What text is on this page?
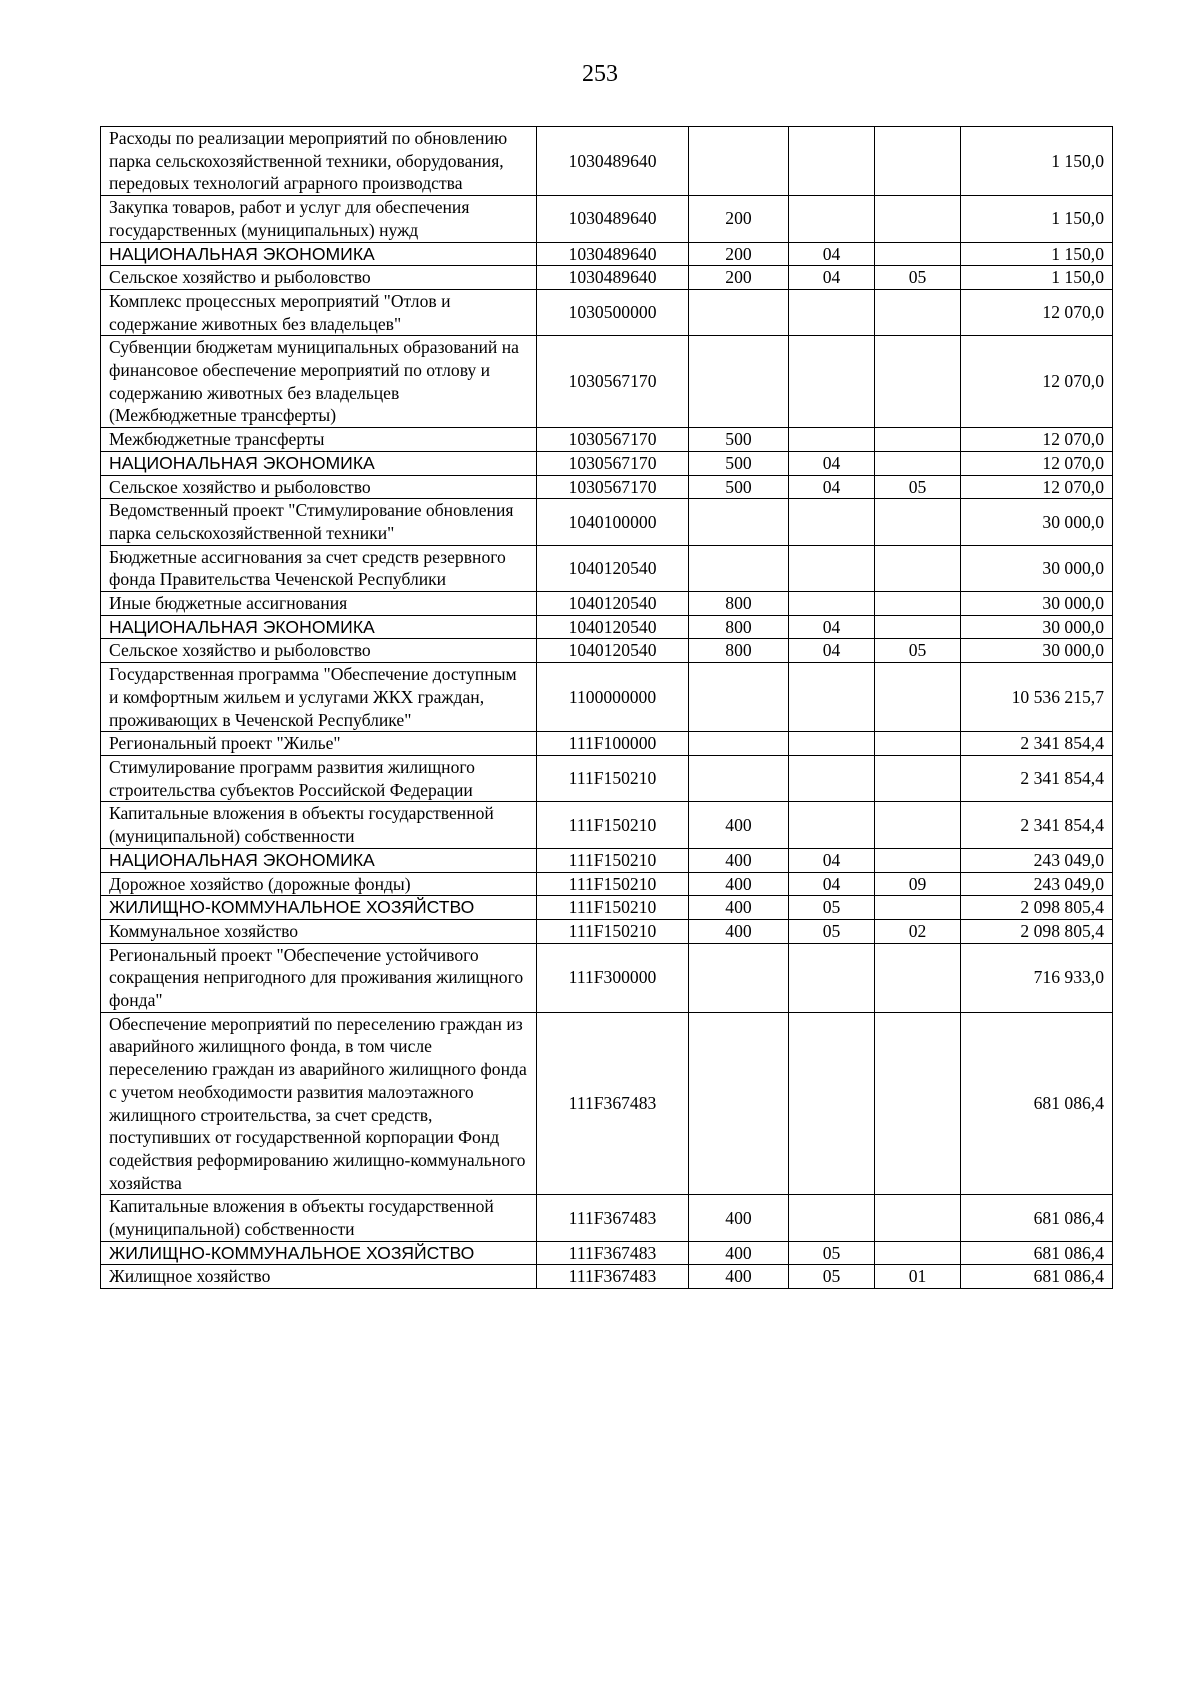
253
Расходы по реализации мероприятий по обновлению парка сельскохозяйственной техники, оборудования, передовых технологий аграрного производства	1030489640				1 150,0
Закупка товаров, работ и услуг для обеспечения государственных (муниципальных) нужд	1030489640	200			1 150,0
НАЦИОНАЛЬНАЯ ЭКОНОМИКА	1030489640	200	04		1 150,0
Сельское хозяйство и рыболовство	1030489640	200	04	05	1 150,0
Комплекс процессных мероприятий "Отлов и содержание животных без владельцев"	1030500000				12 070,0
Субвенции бюджетам муниципальных образований на финансовое обеспечение мероприятий по отлову и содержанию животных без владельцев (Межбюджетные трансферты)	1030567170				12 070,0
Межбюджетные трансферты	1030567170	500			12 070,0
НАЦИОНАЛЬНАЯ ЭКОНОМИКА	1030567170	500	04		12 070,0
Сельское хозяйство и рыболовство	1030567170	500	04	05	12 070,0
Ведомственный проект "Стимулирование обновления парка сельскохозяйственной техники"	1040100000				30 000,0
Бюджетные ассигнования за счет средств резервного фонда Правительства Чеченской Республики	1040120540				30 000,0
Иные бюджетные ассигнования	1040120540	800			30 000,0
НАЦИОНАЛЬНАЯ ЭКОНОМИКА	1040120540	800	04		30 000,0
Сельское хозяйство и рыболовство	1040120540	800	04	05	30 000,0
Государственная программа "Обеспечение доступным и комфортным жильем и услугами ЖКХ граждан, проживающих в Чеченской Республике"	1100000000				10 536 215,7
Региональный проект "Жилье"	111F100000				2 341 854,4
Стимулирование программ развития жилищного строительства субъектов Российской Федерации	111F150210				2 341 854,4
Капитальные вложения в объекты государственной (муниципальной) собственности	111F150210	400			2 341 854,4
НАЦИОНАЛЬНАЯ ЭКОНОМИКА	111F150210	400	04		243 049,0
Дорожное хозяйство (дорожные фонды)	111F150210	400	04	09	243 049,0
ЖИЛИЩНО-КОММУНАЛЬНОЕ ХОЗЯЙСТВО	111F150210	400	05		2 098 805,4
Коммунальное хозяйство	111F150210	400	05	02	2 098 805,4
Региональный проект "Обеспечение устойчивого сокращения непригодного для проживания жилищного фонда"	111F300000				716 933,0
Обеспечение мероприятий по переселению граждан из аварийного жилищного фонда, в том числе переселению граждан из аварийного жилищного фонда с учетом необходимости развития малоэтажного жилищного строительства, за счет средств, поступивших от государственной корпорации Фонд содействия реформированию жилищно-коммунального хозяйства	111F367483				681 086,4
Капитальные вложения в объекты государственной (муниципальной) собственности	111F367483	400			681 086,4
ЖИЛИЩНО-КОММУНАЛЬНОЕ ХОЗЯЙСТВО	111F367483	400	05		681 086,4
Жилищное хозяйство	111F367483	400	05	01	681 086,4
